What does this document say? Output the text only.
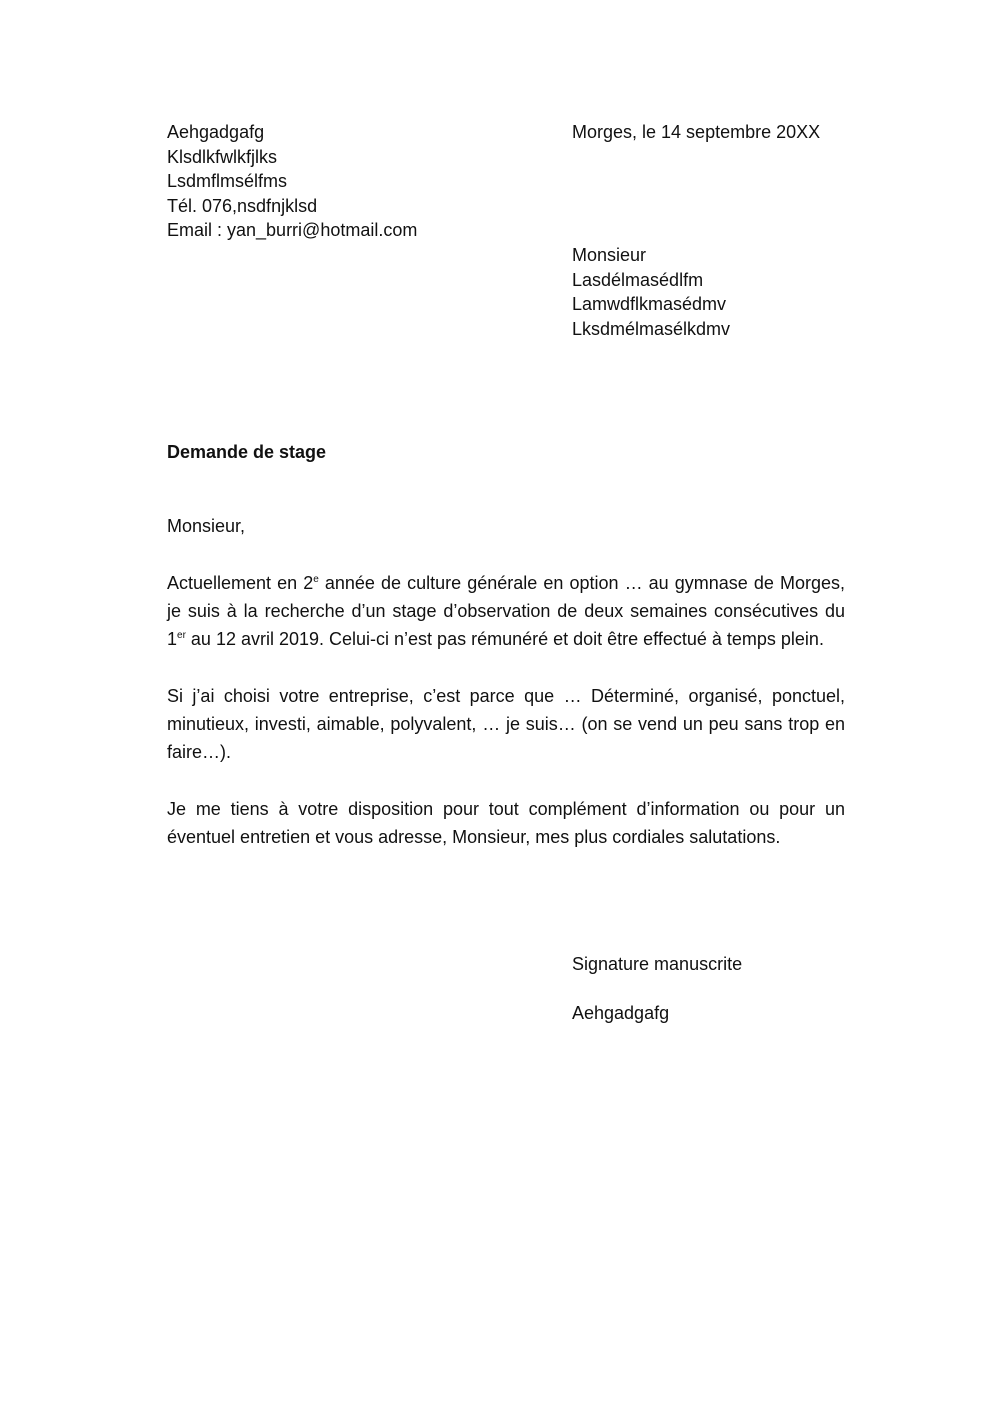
Aehgadgafg
Klsdlkfwlkfjlks
Lsdmflmsélfms
Tél. 076,nsdfnjklsd
Email : yan_burri@hotmail.com
Morges, le 14 septembre 20XX
Monsieur
Lasdélmasédlfm
Lamwdflkmasédmv
Lksdmélmasélkdmv
Demande de stage
Monsieur,
Actuellement en 2e année de culture générale en option … au gymnase de Morges, je suis à la recherche d’un stage d’observation de deux semaines consécutives du 1er au 12 avril 2019. Celui-ci n’est pas rémunéré et doit être effectué à temps plein.
Si j’ai choisi votre entreprise, c’est parce que … Déterminé, organisé, ponctuel, minutieux, investi, aimable, polyvalent, … je suis… (on se vend un peu sans trop en faire…).
Je me tiens à votre disposition pour tout complément d’information ou pour un éventuel entretien et vous adresse, Monsieur, mes plus cordiales salutations.
Signature manuscrite
Aehgadgafg
